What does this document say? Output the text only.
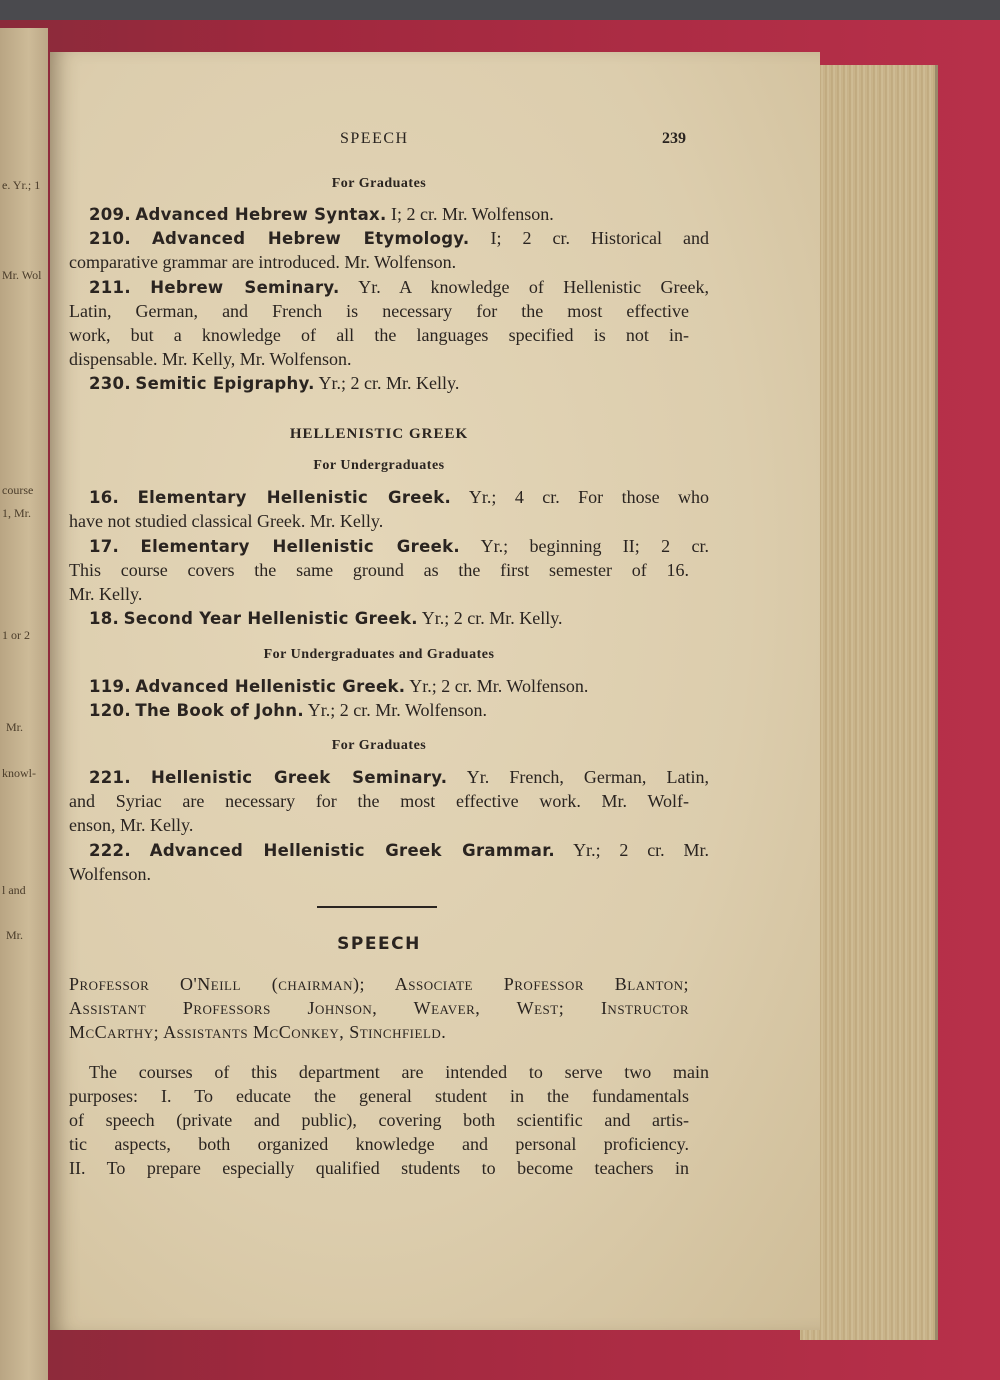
e. Yr.; 1
Mr. Wol
course
1, Mr.
1 or 2
Mr.
knowl-
l and
Mr.
SPEECH	239
For Graduates
209. Advanced Hebrew Syntax. I; 2 cr. Mr. Wolfenson.
210. Advanced Hebrew Etymology. I; 2 cr. Historical and
comparative grammar are introduced. Mr. Wolfenson.
211. Hebrew Seminary. Yr. A knowledge of Hellenistic Greek,
Latin, German, and French is necessary for the most effective
work, but a knowledge of all the languages specified is not in-
dispensable. Mr. Kelly, Mr. Wolfenson.
230. Semitic Epigraphy. Yr.; 2 cr. Mr. Kelly.
HELLENISTIC GREEK
For Undergraduates
16. Elementary Hellenistic Greek. Yr.; 4 cr. For those who
have not studied classical Greek. Mr. Kelly.
17. Elementary Hellenistic Greek. Yr.; beginning II; 2 cr.
This course covers the same ground as the first semester of 16.
Mr. Kelly.
18. Second Year Hellenistic Greek. Yr.; 2 cr. Mr. Kelly.
For Undergraduates and Graduates
119. Advanced Hellenistic Greek. Yr.; 2 cr. Mr. Wolfenson.
120. The Book of John. Yr.; 2 cr. Mr. Wolfenson.
For Graduates
221. Hellenistic Greek Seminary. Yr. French, German, Latin,
and Syriac are necessary for the most effective work. Mr. Wolf-
enson, Mr. Kelly.
222. Advanced Hellenistic Greek Grammar. Yr.; 2 cr. Mr.
Wolfenson.
SPEECH
Professor O'Neill (chairman); Associate Professor Blanton;
Assistant Professors Johnson, Weaver, West; Instructor
McCarthy; Assistants McConkey, Stinchfield.
The courses of this department are intended to serve two main
purposes: I. To educate the general student in the fundamentals
of speech (private and public), covering both scientific and artis-
tic aspects, both organized knowledge and personal proficiency.
II. To prepare especially qualified students to become teachers in
